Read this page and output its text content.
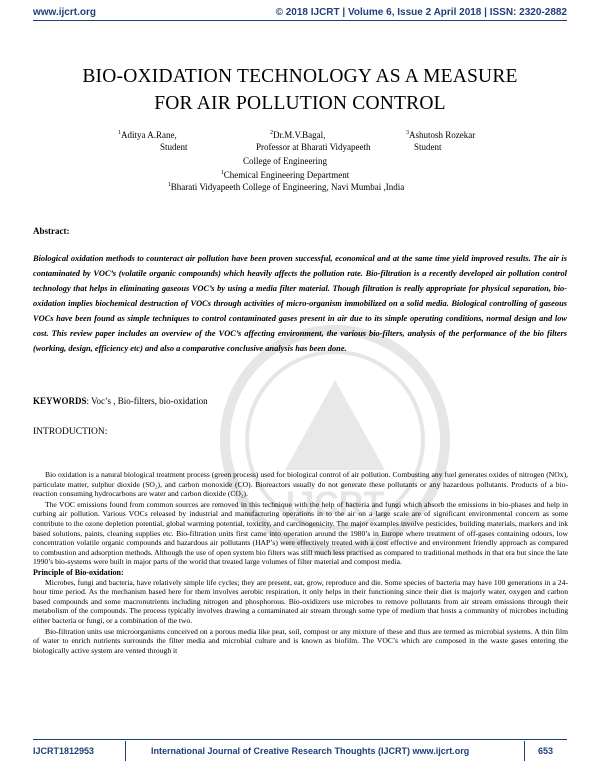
www.ijcrt.org	© 2018 IJCRT | Volume 6, Issue 2 April 2018 | ISSN: 2320-2882
IJCRT
BIO-OXIDATION TECHNOLOGY AS A MEASURE
FOR AIR POLLUTION CONTROL
$^1$Aditya A.Rane,
Student
$^2$Dr.M.V.Bagal,
Professor at Bharati Vidyapeeth
$^3$Ashutosh Rozekar
Student
College of Engineering
$^1$Chemical Engineering Department
$^1$Bharati Vidyapeeth College of Engineering, Navi Mumbai ,India
Abstract:
Biological oxidation methods to counteract air pollution have been proven successful, economical and at the same time yield improved results. The air is contaminated by VOC’s (volatile organic compounds) which heavily affects the pollution rate. Bio-filtration is a recently developed air pollution control technology that helps in eliminating gaseous VOC’s by using a media filter material. Though filtration is really appropriate for physical separation, bio-oxidation implies biochemical destruction of VOCs through activities of micro-organism immobilized on a solid media. Biological controlling of gaseous VOCs have been found as simple techniques to control contaminated gases present in air due to its simple operating conditions, normal design and low cost. This review paper includes an overview of the VOC’s affecting environment, the various bio-filters, analysis of the performance of the bio filters (working, design, efficiency etc) and also a comparative conclusive analysis has been done.
KEYWORDS: Voc’s , Bio-filters, bio-oxidation
INTRODUCTION:

Bio oxidation is a natural biological treatment process (green process) used for biological control of air pollution. Combusting any fuel generates oxides of nitrogen (NOx), particulate matter, sulphur dioxide (SO₂), and carbon monoxide (CO). Bioreactors usually do not generate these pollutants or any hazardous pollutants. Products of a bio-reaction consuming hydrocarbons are water and carbon dioxide (CO₂).

The VOC emissions found from common sources are removed in this technique with the help of bacteria and fungi which absorb the emissions in bio-phases and help in curbing air pollution. Various VOCs released by industrial and manufacturing operations in to the air on a large scale are of significant environmental concern as some contribute to the ozone depletion potential, global warming potential, toxicity, and carcinogenicity. The major examples involve pesticides, building materials, markers and ink based solutions, paints, cleaning supplies etc. Bio-filtration units first came into operation around the 1980’s in Europe where treatment of off-gases containing odours, low concentration volatile organic compounds and hazardous air pollutants (HAP’s) were effectively treated with a cost effective and environment friendly approach as compared to combustion and adsorption methods. Although the use of open system bio filters was still much less practised as compared to traditional methods in that era but since the late 1990’s bio-systems were built in major parts of the world that treated large volumes of filter material and compost media.

Principle of Bio-oxidation:

Microbes, fungi and bacteria, have relatively simple life cycles; they are present, eat, grow, reproduce and die. Some species of bacteria may have 100 generations in a 24- hour time period. As the mechanism based here for them involves aerobic respiration, it only helps in their functioning since their diet is majorly water, oxygen and carbon based compounds and some macronutrients including nitrogen and phosphorous. Bio-oxidizers use microbes to remove pollutants from air stream emissions through their metabolism of the compounds. The process typically involves drawing a contaminated air stream through some type of medium that hosts a community of microbes including either bacteria or fungi, or a combination of the two.

Bio-filtration units use microorganisms conceived on a porous media like peat, soil, compost or any mixture of these and thus are termed as microbial systems. A thin film of water to enrich nutrients surrounds the filter media and microbial culture and is known as biofilm. The VOC’s which are composed in the waste gases entering the biologically active system are vented through it

IJCRT1812953	International Journal of Creative Research Thoughts (IJCRT) www.ijcrt.org	653
